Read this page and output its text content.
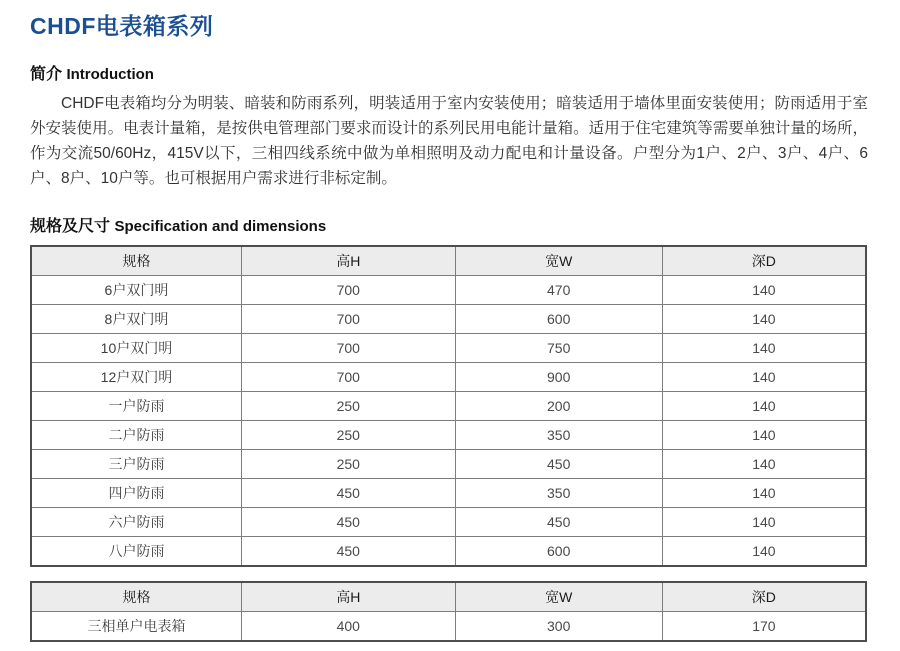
CHDF电表箱系列
简介 Introduction

CHDF电表箱均分为明装、暗装和防雨系列，明装适用于室内安装使用；暗装适用于墙体里面安装使用；防雨适用于室外安装使用。电表计量箱，是按供电管理部门要求而设计的系列民用电能计量箱。适用于住宅建筑等需要单独计量的场所，作为交流50/60Hz，415V以下，三相四线系统中做为单相照明及动力配电和计量设备。户型分为1户、2户、3户、4户、6户、8户、10户等。也可根据用户需求进行非标定制。

规格及尺寸 Specification and dimensions
规格	高H	宽W	深D
6户双门明	700	470	140
8户双门明	700	600	140
10户双门明	700	750	140
12户双门明	700	900	140
一户防雨	250	200	140
二户防雨	250	350	140
三户防雨	250	450	140
四户防雨	450	350	140
六户防雨	450	450	140
八户防雨	450	600	140
规格	高H	宽W	深D
三相单户电表箱	400	300	170
